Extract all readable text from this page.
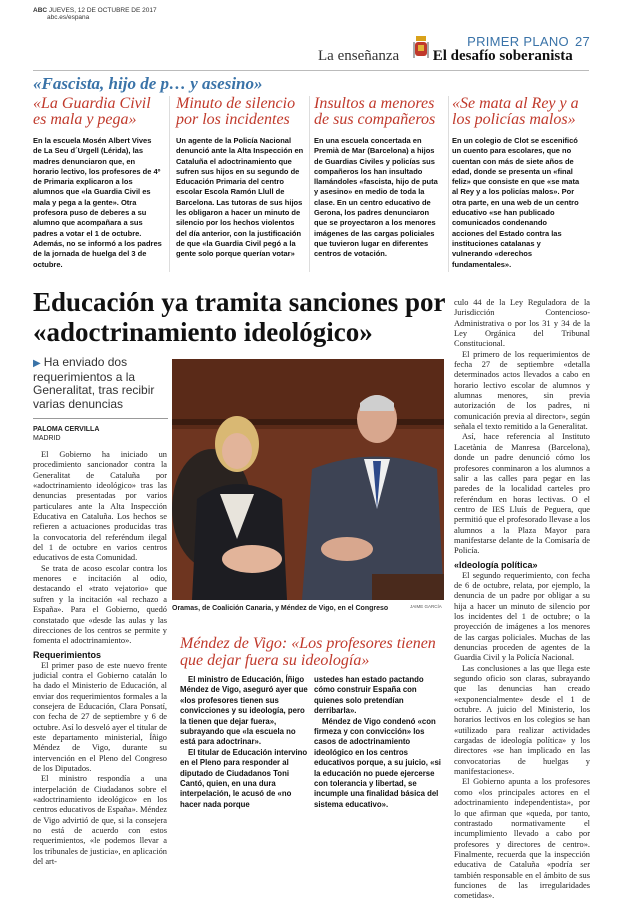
ABC JUEVES, 12 DE OCTUBRE DE 2017
abc.es/espana
PRIMER PLANO 27
La enseñanza El desafío soberanista
«Fascista, hijo de p… y asesino»
«La Guardia Civil es mala y pega»
En la escuela Mosén Albert Vives de La Seu d´Urgell (Lérida), las madres denunciaron que, en horario lectivo, los profesores de 4º de Primaria explicaron a los alumnos que «la Guardia Civil es mala y pega a la gente». Otra profesora puso de deberes a su alumno que acompañara a sus padres a votar el 1 de octubre. Además, no se informó a los padres de la jornada de huelga del 3 de octubre.
Minuto de silencio por los incidentes
Un agente de la Policía Nacional denunció ante la Alta Inspección en Cataluña el adoctrinamiento que sufren sus hijos en su segundo de Educación Primaria del centro escolar Escola Ramón Llull de Barcelona. Las tutoras de sus hijos les obligaron a hacer un minuto de silencio por los hechos violentos del día anterior, con la justificación de que «la Guardia Civil pegó a la gente solo porque querían votar»
Insultos a menores de sus compañeros
En una escuela concertada en Premià de Mar (Barcelona) a hijos de Guardias Civiles y policías sus compañeros los han insultado llamándoles «fascista, hijo de puta y asesino» en medio de toda la clase. En un centro educativo de Gerona, los padres denunciaron que se proyectaron a los menores imágenes de las cargas policiales que tuvieron lugar en diferentes centros de votación.
«Se mata al Rey y a los policías malos»
En un colegio de Clot se escenificó un cuento para escolares, que no cuentan con más de siete años de edad, donde se presenta un «final feliz» que consiste en que «se mata al Rey y a los policías malos». Por otra parte, en una web de un centro educativo «se han publicado comunicados condenando acciones del Estado contra las instituciones catalanas y vulnerando «derechos fundamentales».
Educación ya tramita sanciones por «adoctrinamiento ideológico»
▶ Ha enviado dos requerimientos a la Generalitat, tras recibir varias denuncias
PALOMA CERVILLA
MADRID

El Gobierno ha iniciado un procedimiento sancionador contra la Generalitat de Cataluña por «adoctrinamiento ideológico» tras las denuncias presentadas por varios particulares ante la Alta Inspección Educativa en Cataluña. Los hechos se refieren a actuaciones producidas tras la convocatoria del referéndum ilegal del 1 de octubre en varios centros educativos de esta Comunidad.

Se trata de acoso escolar contra los menores e incitación al odio, destacando el «trato vejatorio» que sufren y la incitación «al rechazo a España». Para el Gobierno, quedó constatado que «desde las aulas y las direcciones de los centros se permite y fomenta el adoctrinamiento».

Requerimientos

El primer paso de este nuevo frente judicial contra el Gobierno catalán lo ha dado el Ministerio de Educación, al enviar dos requerimientos formales a la consejera de Educación, Clara Ponsatí, con fecha de 27 de septiembre y 6 de octubre. Así lo desveló ayer el titular de este departamento ministerial, Íñigo Méndez de Vigo, durante su intervención en el Pleno del Congreso de los Diputados.

El ministro respondía a una interpelación de Ciudadanos sobre el «adoctrinamiento ideológico» en los centros educativos de España». Méndez de Vigo advirtió de que, si la consejera no está de acuerdo con estos requerimientos, «le podemos llevar a los tribunales de justicia», en aplicación del art-

Oramas, de Coalición Canaria, y Méndez de Vigo, en el Congreso	JAIME GARCÍA
Méndez de Vigo: «Los profesores tienen que dejar fuera su ideología»

El ministro de Educación, Íñigo Méndez de Vigo, aseguró ayer que «los profesores tienen sus convicciones y su ideología, pero la tienen que dejar fuera», subrayando que «la escuela no está para adoctrinar».

El titular de Educación intervino en el Pleno para responder al diputado de Ciudadanos Toni Cantó, quien, en una dura interpelación, le acusó de «no hacer nada porque

ustedes han estado pactando cómo construir España con quienes solo pretendían derribarla».

Méndez de Vigo condenó «con firmeza y con convicción» los casos de adoctrinamiento ideológico en los centros educativos porque, a su juicio, «si la educación no puede ejercerse con tolerancia y libertad, se incumple una finalidad básica del sistema educativo».

culo 44 de la Ley Reguladora de la Jurisdicción Contencioso-Administrativa o por los 31 y 34 de la Ley Orgánica del Tribunal Constitucional.

El primero de los requerimientos de fecha 27 de septiembre «detalla determinados actos llevados a cabo en horario lectivo escolar de alumnos y alumnas menores, sin previa autorización de los padres, ni comunicación previa al director», según señala el texto remitido a la Generalitat.

Así, hace referencia al Instituto Lacetània de Manresa (Barcelona), donde un padre denunció cómo los profesores conminaron a los alumnos a salir a las calles para pegar en las paredes de la localidad carteles pro referéndum en horas lectivas. O el centro de IES Lluís de Peguera, que permitió que el profesorado llevase a los alumnos a la Plaza Mayor para manifestarse delante de la Comisaría de Policía.

«Ideología política»

El segundo requerimiento, con fecha de 6 de octubre, relata, por ejemplo, la denuncia de un padre por obligar a su hija a hacer un minuto de silencio por los incidentes del 1 de octubre; o la proyección de imágenes a los menores de las cargas policiales. Muchas de las denuncias proceden de agentes de la Guardia Civil y la Policía Nacional.

Las conclusiones a las que llega este segundo oficio son claras, subrayando que las denuncias han creado «exponencialmente» desde el 1 de octubre. A juicio del Ministerio, los horarios lectivos en los colegios se han «utilizado para realizar actividades cargadas de ideología política» y los directores «se han implicado en las convocatorias de huelgas y manifestaciones».

El Gobierno apunta a los profesores como «los principales actores en el adoctrinamiento independentista», por lo que afirman que «queda, por tanto, contrastado normativamente el incumplimiento llevado a cabo por profesores y directores de centro». Finalmente, recuerda que la inspección educativa de Cataluña «podría ser también responsable en el ámbito de sus funciones de las irregularidades cometidas».
